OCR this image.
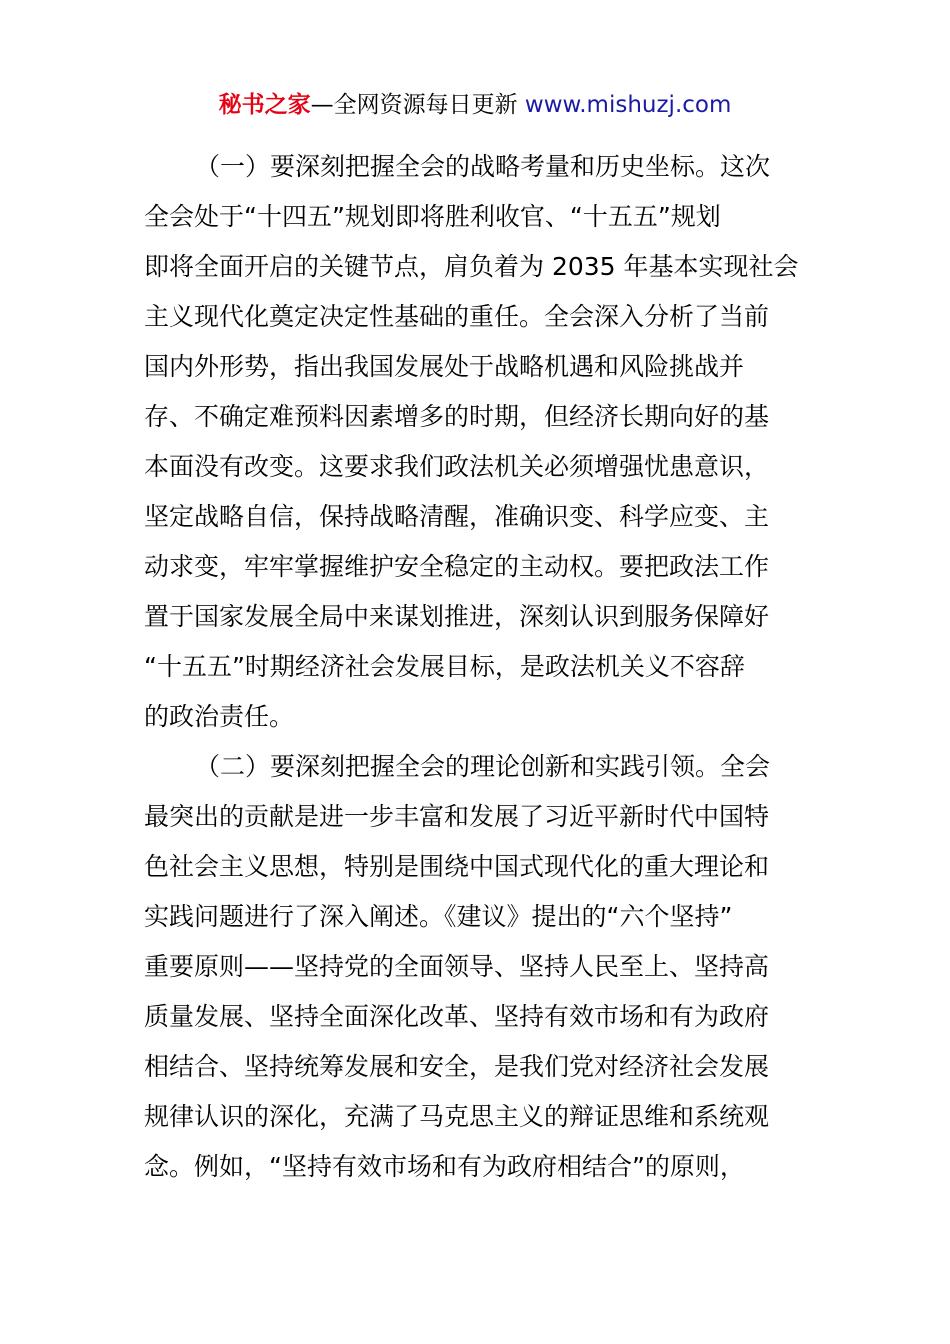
秘书之家—全网资源每日更新 www.mishuzj.com
（一）要深刻把握全会的战略考量和历史坐标。这次
全会处于“十四五”规划即将胜利收官、“十五五”规划
即将全面开启的关键节点，肩负着为 2035 年基本实现社会
主义现代化奠定决定性基础的重任。全会深入分析了当前
国内外形势，指出我国发展处于战略机遇和风险挑战并
存、不确定难预料因素增多的时期，但经济长期向好的基
本面没有改变。这要求我们政法机关必须增强忧患意识，
坚定战略自信，保持战略清醒，准确识变、科学应变、主
动求变，牢牢掌握维护安全稳定的主动权。要把政法工作
置于国家发展全局中来谋划推进，深刻认识到服务保障好
“十五五”时期经济社会发展目标，是政法机关义不容辞
的政治责任。
（二）要深刻把握全会的理论创新和实践引领。全会
最突出的贡献是进一步丰富和发展了习近平新时代中国特
色社会主义思想，特别是围绕中国式现代化的重大理论和
实践问题进行了深入阐述。《建议》提出的“六个坚持”
重要原则——坚持党的全面领导、坚持人民至上、坚持高
质量发展、坚持全面深化改革、坚持有效市场和有为政府
相结合、坚持统筹发展和安全，是我们党对经济社会发展
规律认识的深化，充满了马克思主义的辩证思维和系统观
念。例如，“坚持有效市场和有为政府相结合”的原则，
